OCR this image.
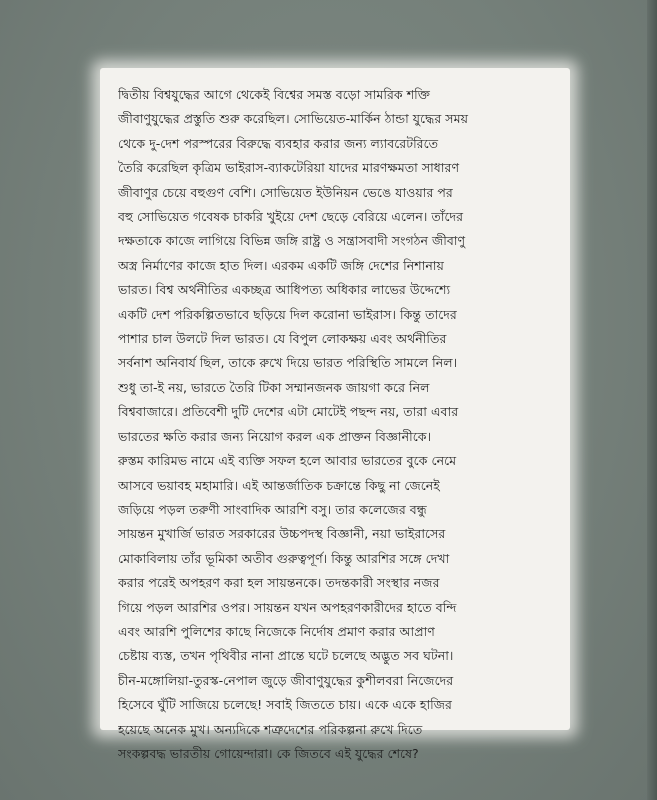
দ্বিতীয় বিশ্বযুদ্ধের আগে থেকেই বিশ্বের সমস্ত বড়ো সামরিক শক্তি
জীবাণুযুদ্ধের প্রস্তুতি শুরু করেছিল। সোভিয়েত-মার্কিন ঠান্ডা যুদ্ধের সময়
থেকে দু-দেশ পরস্পরের বিরুদ্ধে ব্যবহার করার জন্য ল্যাবরেটরিতে
তৈরি করেছিল কৃত্রিম ভাইরাস-ব্যাকটেরিয়া যাদের মারণক্ষমতা সাধারণ
জীবাণুর চেয়ে বহুগুণ বেশি। সোভিয়েত ইউনিয়ন ভেঙে যাওয়ার পর
বহু সোভিয়েত গবেষক চাকরি খুইয়ে দেশ ছেড়ে বেরিয়ে এলেন। তাঁদের
দক্ষতাকে কাজে লাগিয়ে বিভিন্ন জঙ্গি রাষ্ট্র ও সন্ত্রাসবাদী সংগঠন জীবাণু
অস্ত্র নির্মাণের কাজে হাত দিল। এরকম একটি জঙ্গি দেশের নিশানায়
ভারত। বিশ্ব অর্থনীতির একচ্ছত্র আধিপত্য অধিকার লাভের উদ্দেশ্যে
একটি দেশ পরিকল্পিতভাবে ছড়িয়ে দিল করোনা ভাইরাস। কিন্তু তাদের
পাশার চাল উলটে দিল ভারত। যে বিপুল লোকক্ষয় এবং অর্থনীতির
সর্বনাশ অনিবার্য ছিল, তাকে রুখে দিয়ে ভারত পরিস্থিতি সামলে নিল।
শুধু তা-ই নয়, ভারতে তৈরি টিকা সম্মানজনক জায়গা করে নিল
বিশ্ববাজারে। প্রতিবেশী দুটি দেশের এটা মোটেই পছন্দ নয়, তারা এবার
ভারতের ক্ষতি করার জন্য নিয়োগ করল এক প্রাক্তন বিজ্ঞানীকে।
রুস্তম কারিমভ নামে এই ব্যক্তি সফল হলে আবার ভারতের বুকে নেমে
আসবে ভয়াবহ মহামারি। এই আন্তর্জাতিক চক্রান্তে কিছু না জেনেই
জড়িয়ে পড়ল তরুণী সাংবাদিক আরশি বসু। তার কলেজের বন্ধু
সায়ন্তন মুখার্জি ভারত সরকারের উচ্চপদস্থ বিজ্ঞানী, নয়া ভাইরাসের
মোকাবিলায় তাঁর ভূমিকা অতীব গুরুত্বপূর্ণ। কিন্তু আরশির সঙ্গে দেখা
করার পরেই অপহরণ করা হল সায়ন্তনকে। তদন্তকারী সংস্থার নজর
গিয়ে পড়ল আরশির ওপর। সায়ন্তন যখন অপহরণকারীদের হাতে বন্দি
এবং আরশি পুলিশের কাছে নিজেকে নির্দোষ প্রমাণ করার আপ্রাণ
চেষ্টায় ব্যস্ত, তখন পৃথিবীর নানা প্রান্তে ঘটে চলেছে অদ্ভুত সব ঘটনা।
চীন-মঙ্গোলিয়া-তুরস্ক-নেপাল জুড়ে জীবাণুযুদ্ধের কুশীলবরা নিজেদের
হিসেবে ঘুঁটি সাজিয়ে চলেছে! সবাই জিততে চায়। একে একে হাজির
হয়েছে অনেক মুখ। অন্যদিকে শত্রুদেশের পরিকল্পনা রুখে দিতে
সংকল্পবদ্ধ ভারতীয় গোয়েন্দারা। কে জিতবে এই যুদ্ধের শেষে?
